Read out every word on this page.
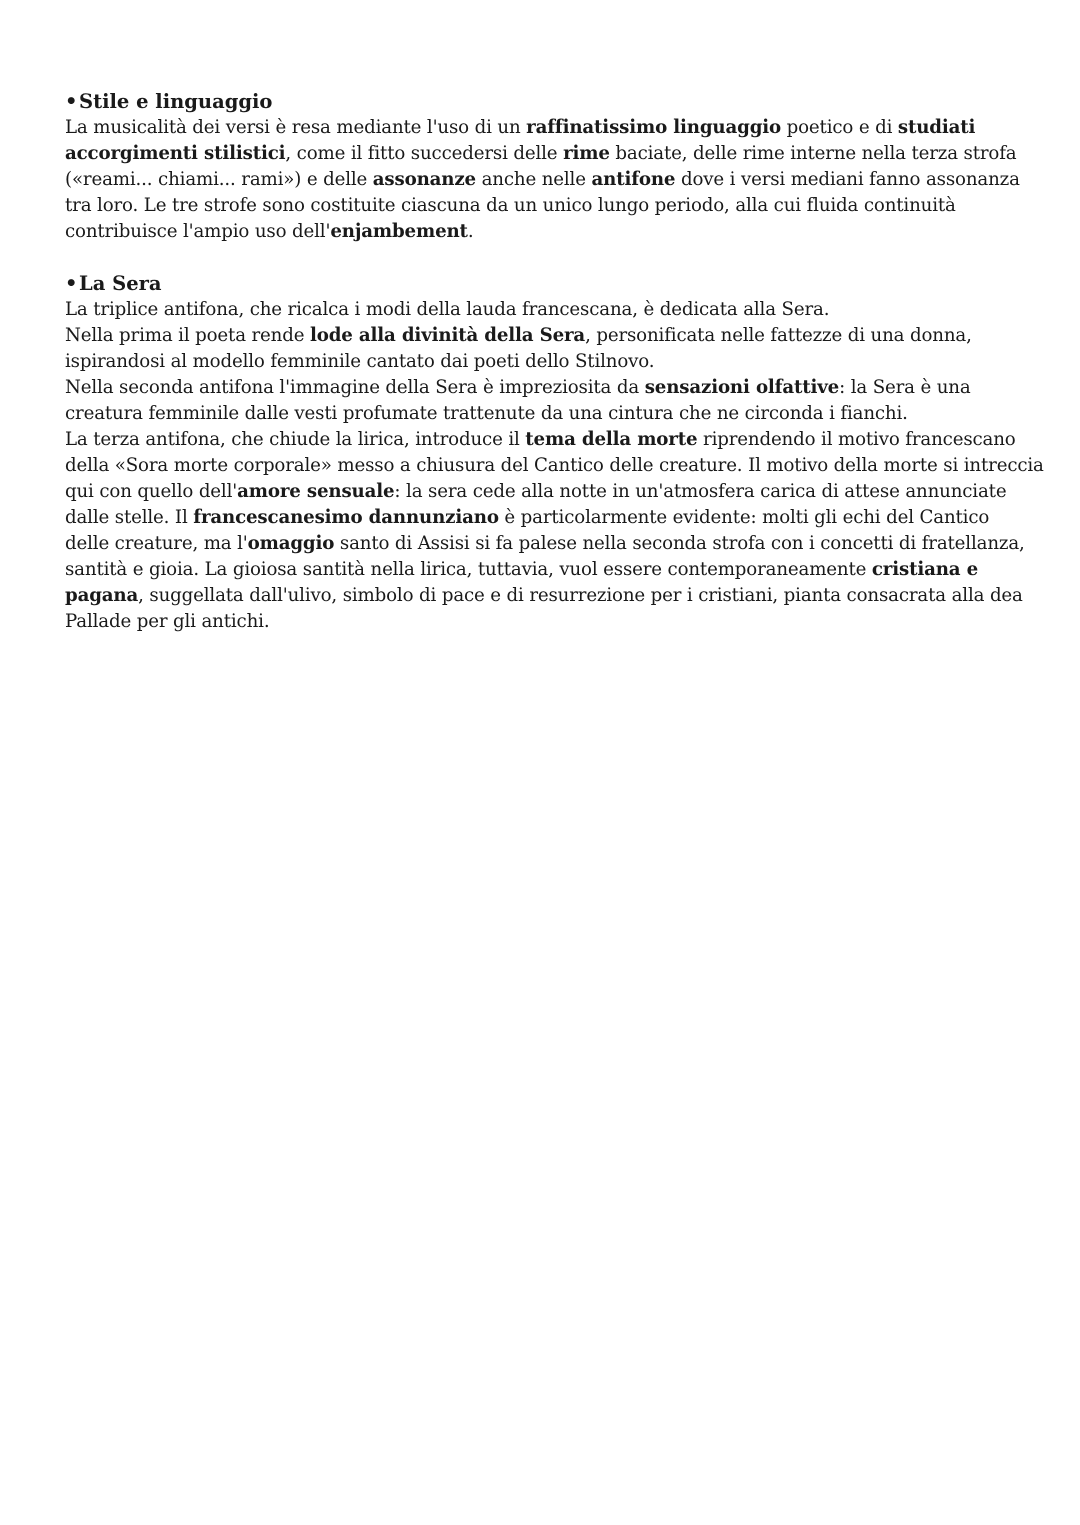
•Stile e linguaggio
La musicalità dei versi è resa mediante l'uso di un raffinatissimo linguaggio poetico e di studiati
accorgimenti stilistici, come il fitto succedersi delle rime baciate, delle rime interne nella terza strofa
(«reami... chiami... rami») e delle assonanze anche nelle antifone dove i versi mediani fanno assonanza
tra loro. Le tre strofe sono costituite ciascuna da un unico lungo periodo, alla cui fluida continuità
contribuisce l'ampio uso dell'enjambement.
•La Sera
La triplice antifona, che ricalca i modi della lauda francescana, è dedicata alla Sera.
Nella prima il poeta rende lode alla divinità della Sera, personificata nelle fattezze di una donna,
ispirandosi al modello femminile cantato dai poeti dello Stilnovo.
Nella seconda antifona l'immagine della Sera è impreziosita da sensazioni olfattive: la Sera è una
creatura femminile dalle vesti profumate trattenute da una cintura che ne circonda i fianchi.
La terza antifona, che chiude la lirica, introduce il tema della morte riprendendo il motivo francescano
della «Sora morte corporale» messo a chiusura del Cantico delle creature. Il motivo della morte si intreccia
qui con quello dell'amore sensuale: la sera cede alla notte in un'atmosfera carica di attese annunciate
dalle stelle. Il francescanesimo dannunziano è particolarmente evidente: molti gli echi del Cantico
delle creature, ma l'omaggio santo di Assisi si fa palese nella seconda strofa con i concetti di fratellanza,
santità e gioia. La gioiosa santità nella lirica, tuttavia, vuol essere contemporaneamente cristiana e
pagana, suggellata dall'ulivo, simbolo di pace e di resurrezione per i cristiani, pianta consacrata alla dea
Pallade per gli antichi.
